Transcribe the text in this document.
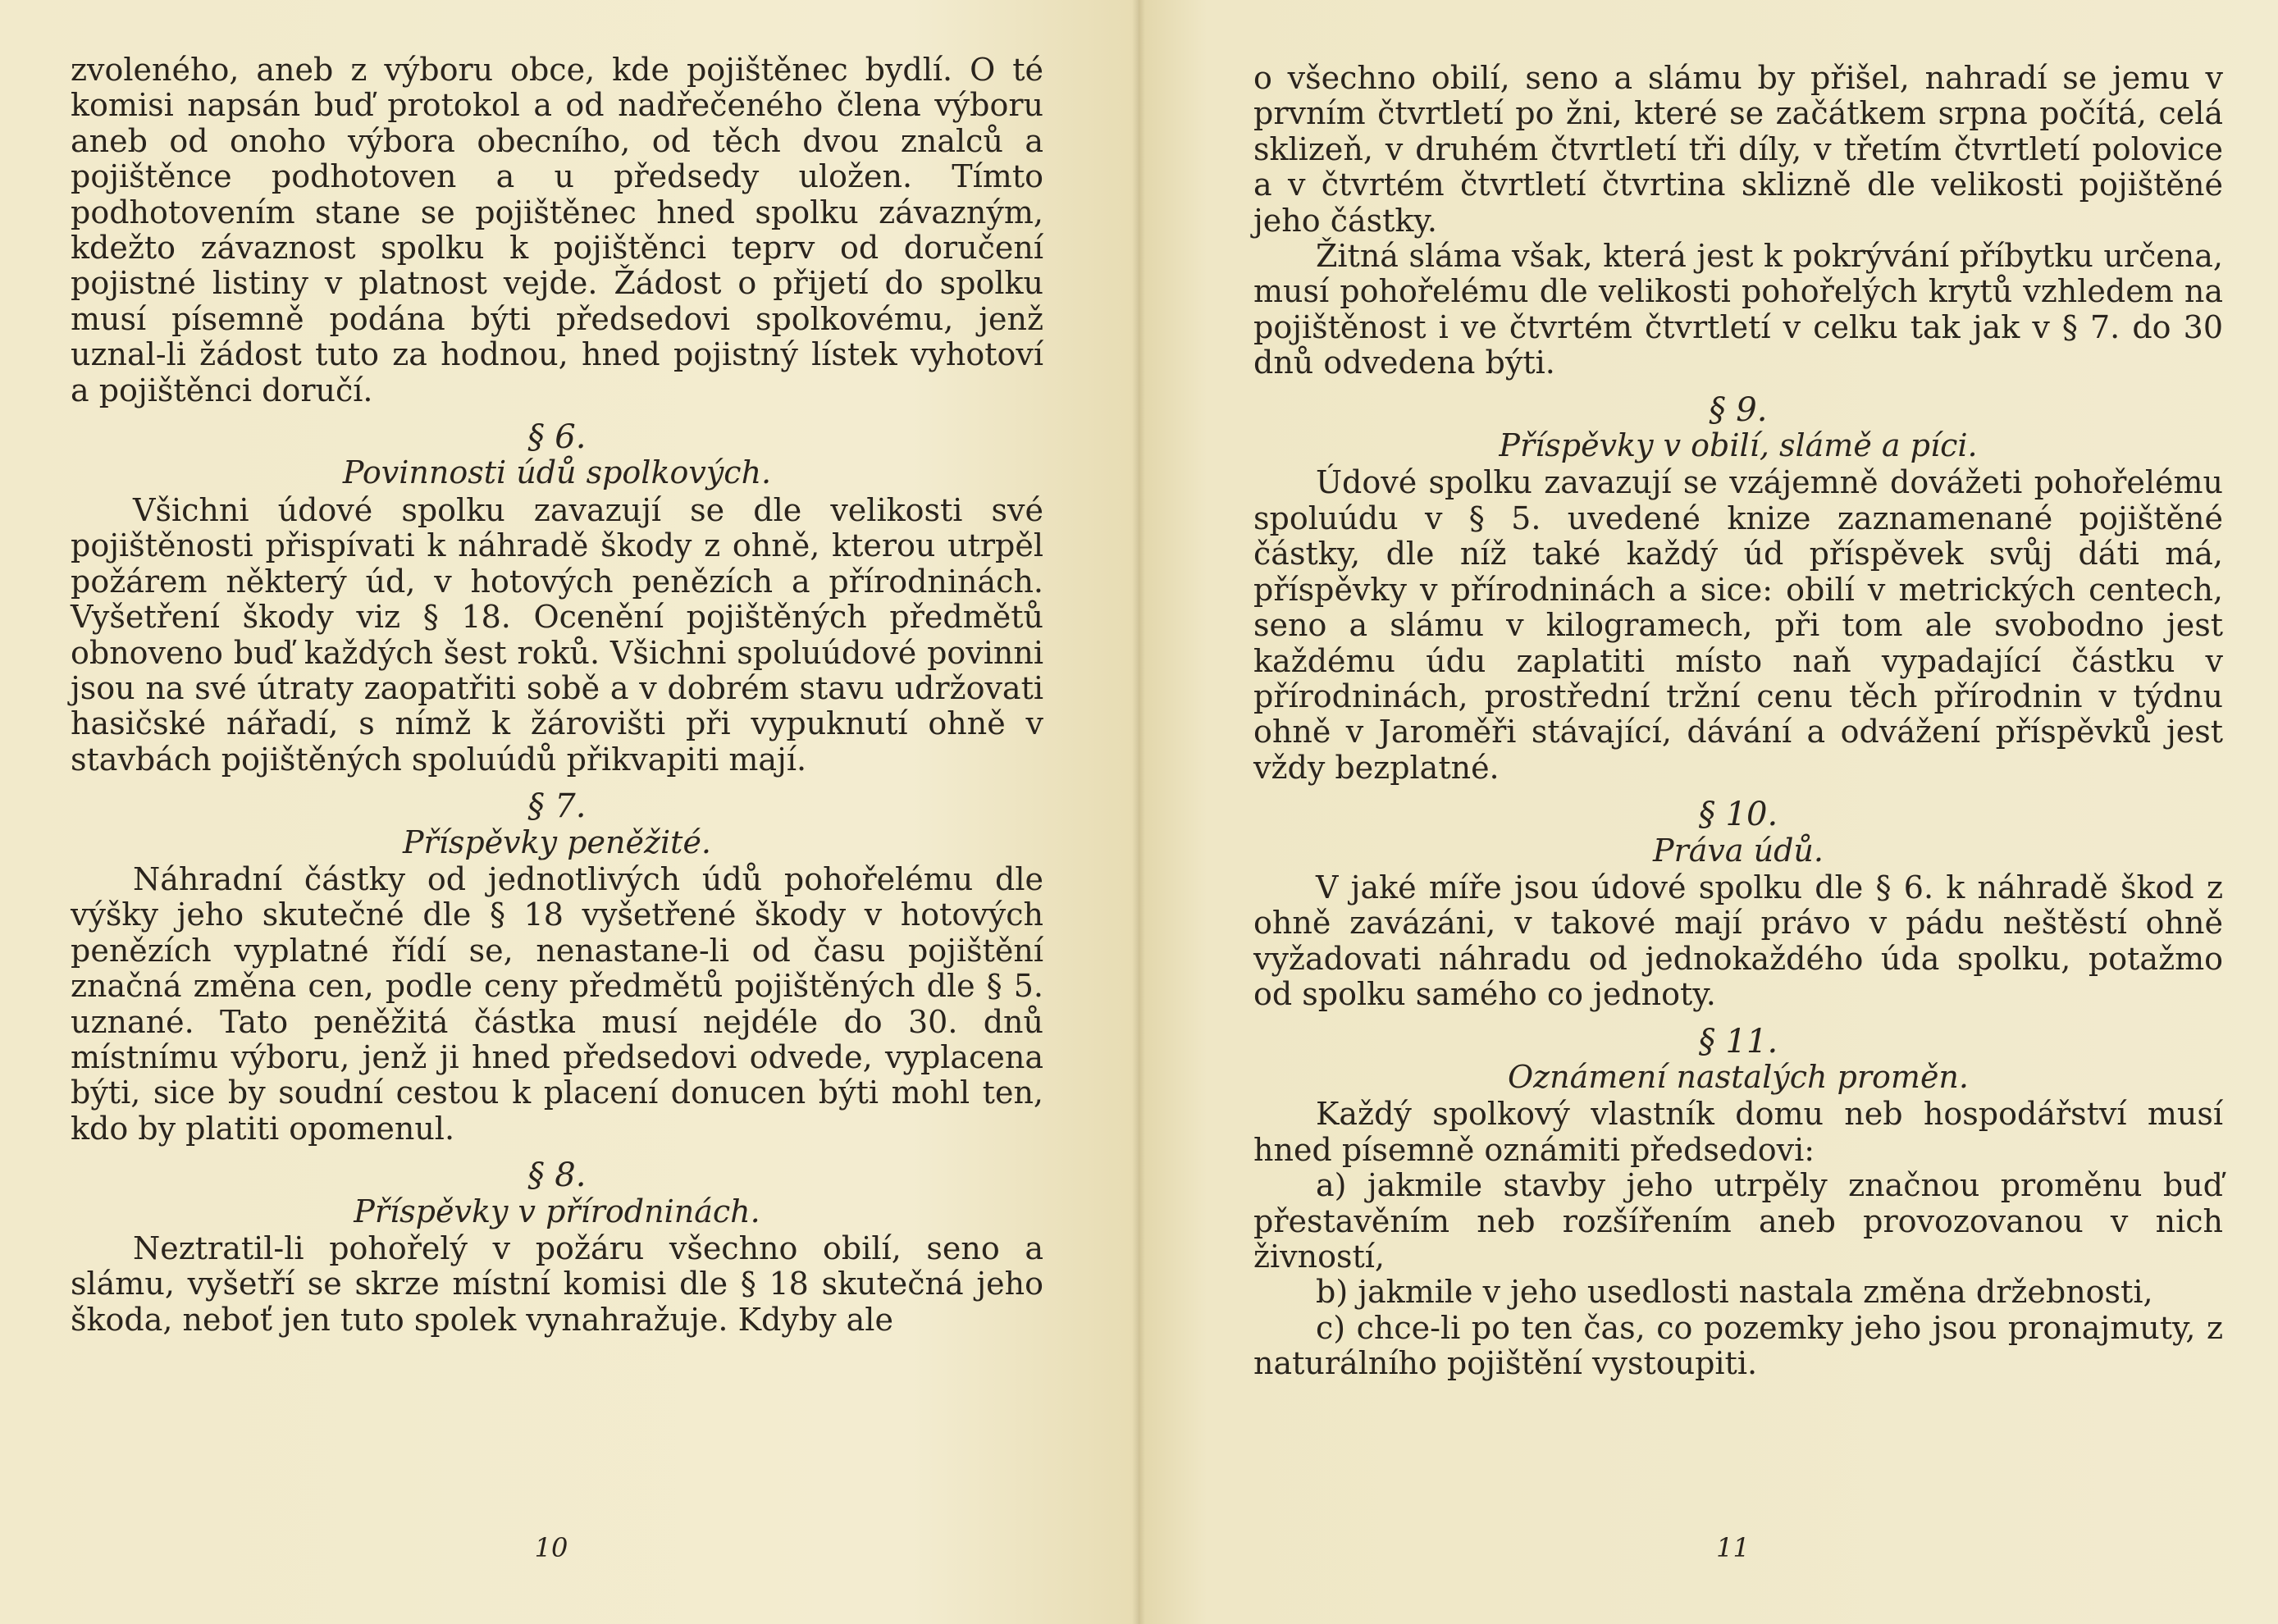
zvoleného, aneb z výboru obce, kde pojištěnec bydlí. O té komisi napsán buď protokol a od nadřečeného člena výboru aneb od onoho výbora obecního, od těch dvou znalců a pojištěnce podhotoven a u předsedy uložen. Tímto podhotovením stane se pojištěnec hned spolku závazným, kdežto závaznost spolku k pojištěnci teprv od doručení pojistné listiny v platnost vejde. Žádost o přijetí do spolku musí písemně podána býti předsedovi spolkovému, jenž uznal-li žádost tuto za hodnou, hned pojistný lístek vyhotoví a pojištěnci doručí.

§ 6.

Povinnosti údů spolkových.

Všichni údové spolku zavazují se dle velikosti své pojištěnosti přispívati k náhradě škody z ohně, kterou utrpěl požárem některý úd, v hotových penězích a přírodninách. Vyšetření škody viz § 18. Ocenění pojištěných předmětů obnoveno buď každých šest roků. Všichni spoluúdové povinni jsou na své útraty zaopatřiti sobě a v dobrém stavu udržovati hasičské nářadí, s nímž k žárovišti při vypuknutí ohně v stavbách pojištěných spoluúdů přikvapiti mají.

§ 7.

Příspěvky peněžité.

Náhradní částky od jednotlivých údů pohořelému dle výšky jeho skutečné dle § 18 vyšetřené škody v hotových penězích vyplatné řídí se, nenastane-li od času pojištění značná změna cen, podle ceny předmětů pojištěných dle § 5. uznané. Tato peněžitá částka musí nejdéle do 30. dnů místnímu výboru, jenž ji hned předsedovi odvede, vyplacena býti, sice by soudní cestou k placení donucen býti mohl ten, kdo by platiti opomenul.

§ 8.

Příspěvky v přírodninách.

Neztratil-li pohořelý v požáru všechno obilí, seno a slámu, vyšetří se skrze místní komisi dle § 18 skutečná jeho škoda, neboť jen tuto spolek vynahražuje. Kdyby ale

10

o všechno obilí, seno a slámu by přišel, nahradí se jemu v prvním čtvrtletí po žni, které se začátkem srpna počítá, celá sklizeň, v druhém čtvrtletí tři díly, v třetím čtvrtletí polovice a v čtvrtém čtvrtletí čtvrtina sklizně dle velikosti pojištěné jeho částky.

Žitná sláma však, která jest k pokrývání příbytku určena, musí pohořelému dle velikosti pohořelých krytů vzhledem na pojištěnost i ve čtvrtém čtvrtletí v celku tak jak v § 7. do 30 dnů odvedena býti.

§ 9.

Příspěvky v obilí, slámě a píci.

Údové spolku zavazují se vzájemně dovážeti pohořelému spoluúdu v § 5. uvedené knize zaznamenané pojištěné částky, dle níž také každý úd příspěvek svůj dáti má, příspěvky v přírodninách a sice: obilí v metrických centech, seno a slámu v kilogramech, při tom ale svobodno jest každému údu zaplatiti místo naň vypadající částku v přírodninách, prostřední tržní cenu těch přírodnin v týdnu ohně v Jaroměři stávající, dávání a odvážení příspěvků jest vždy bezplatné.

§ 10.

Práva údů.

V jaké míře jsou údové spolku dle § 6. k náhradě škod z ohně zavázáni, v takové mají právo v pádu neštěstí ohně vyžadovati náhradu od jednokaždého úda spolku, potažmo od spolku samého co jednoty.

§ 11.

Oznámení nastalých proměn.

Každý spolkový vlastník domu neb hospodářství musí hned písemně oznámiti předsedovi:

a) jakmile stavby jeho utrpěly značnou proměnu buď přestavěním neb rozšířením aneb provozovanou v nich živností,

b) jakmile v jeho usedlosti nastala změna držebnosti,

c) chce-li po ten čas, co pozemky jeho jsou pronajmuty, z naturálního pojištění vystoupiti.

11
